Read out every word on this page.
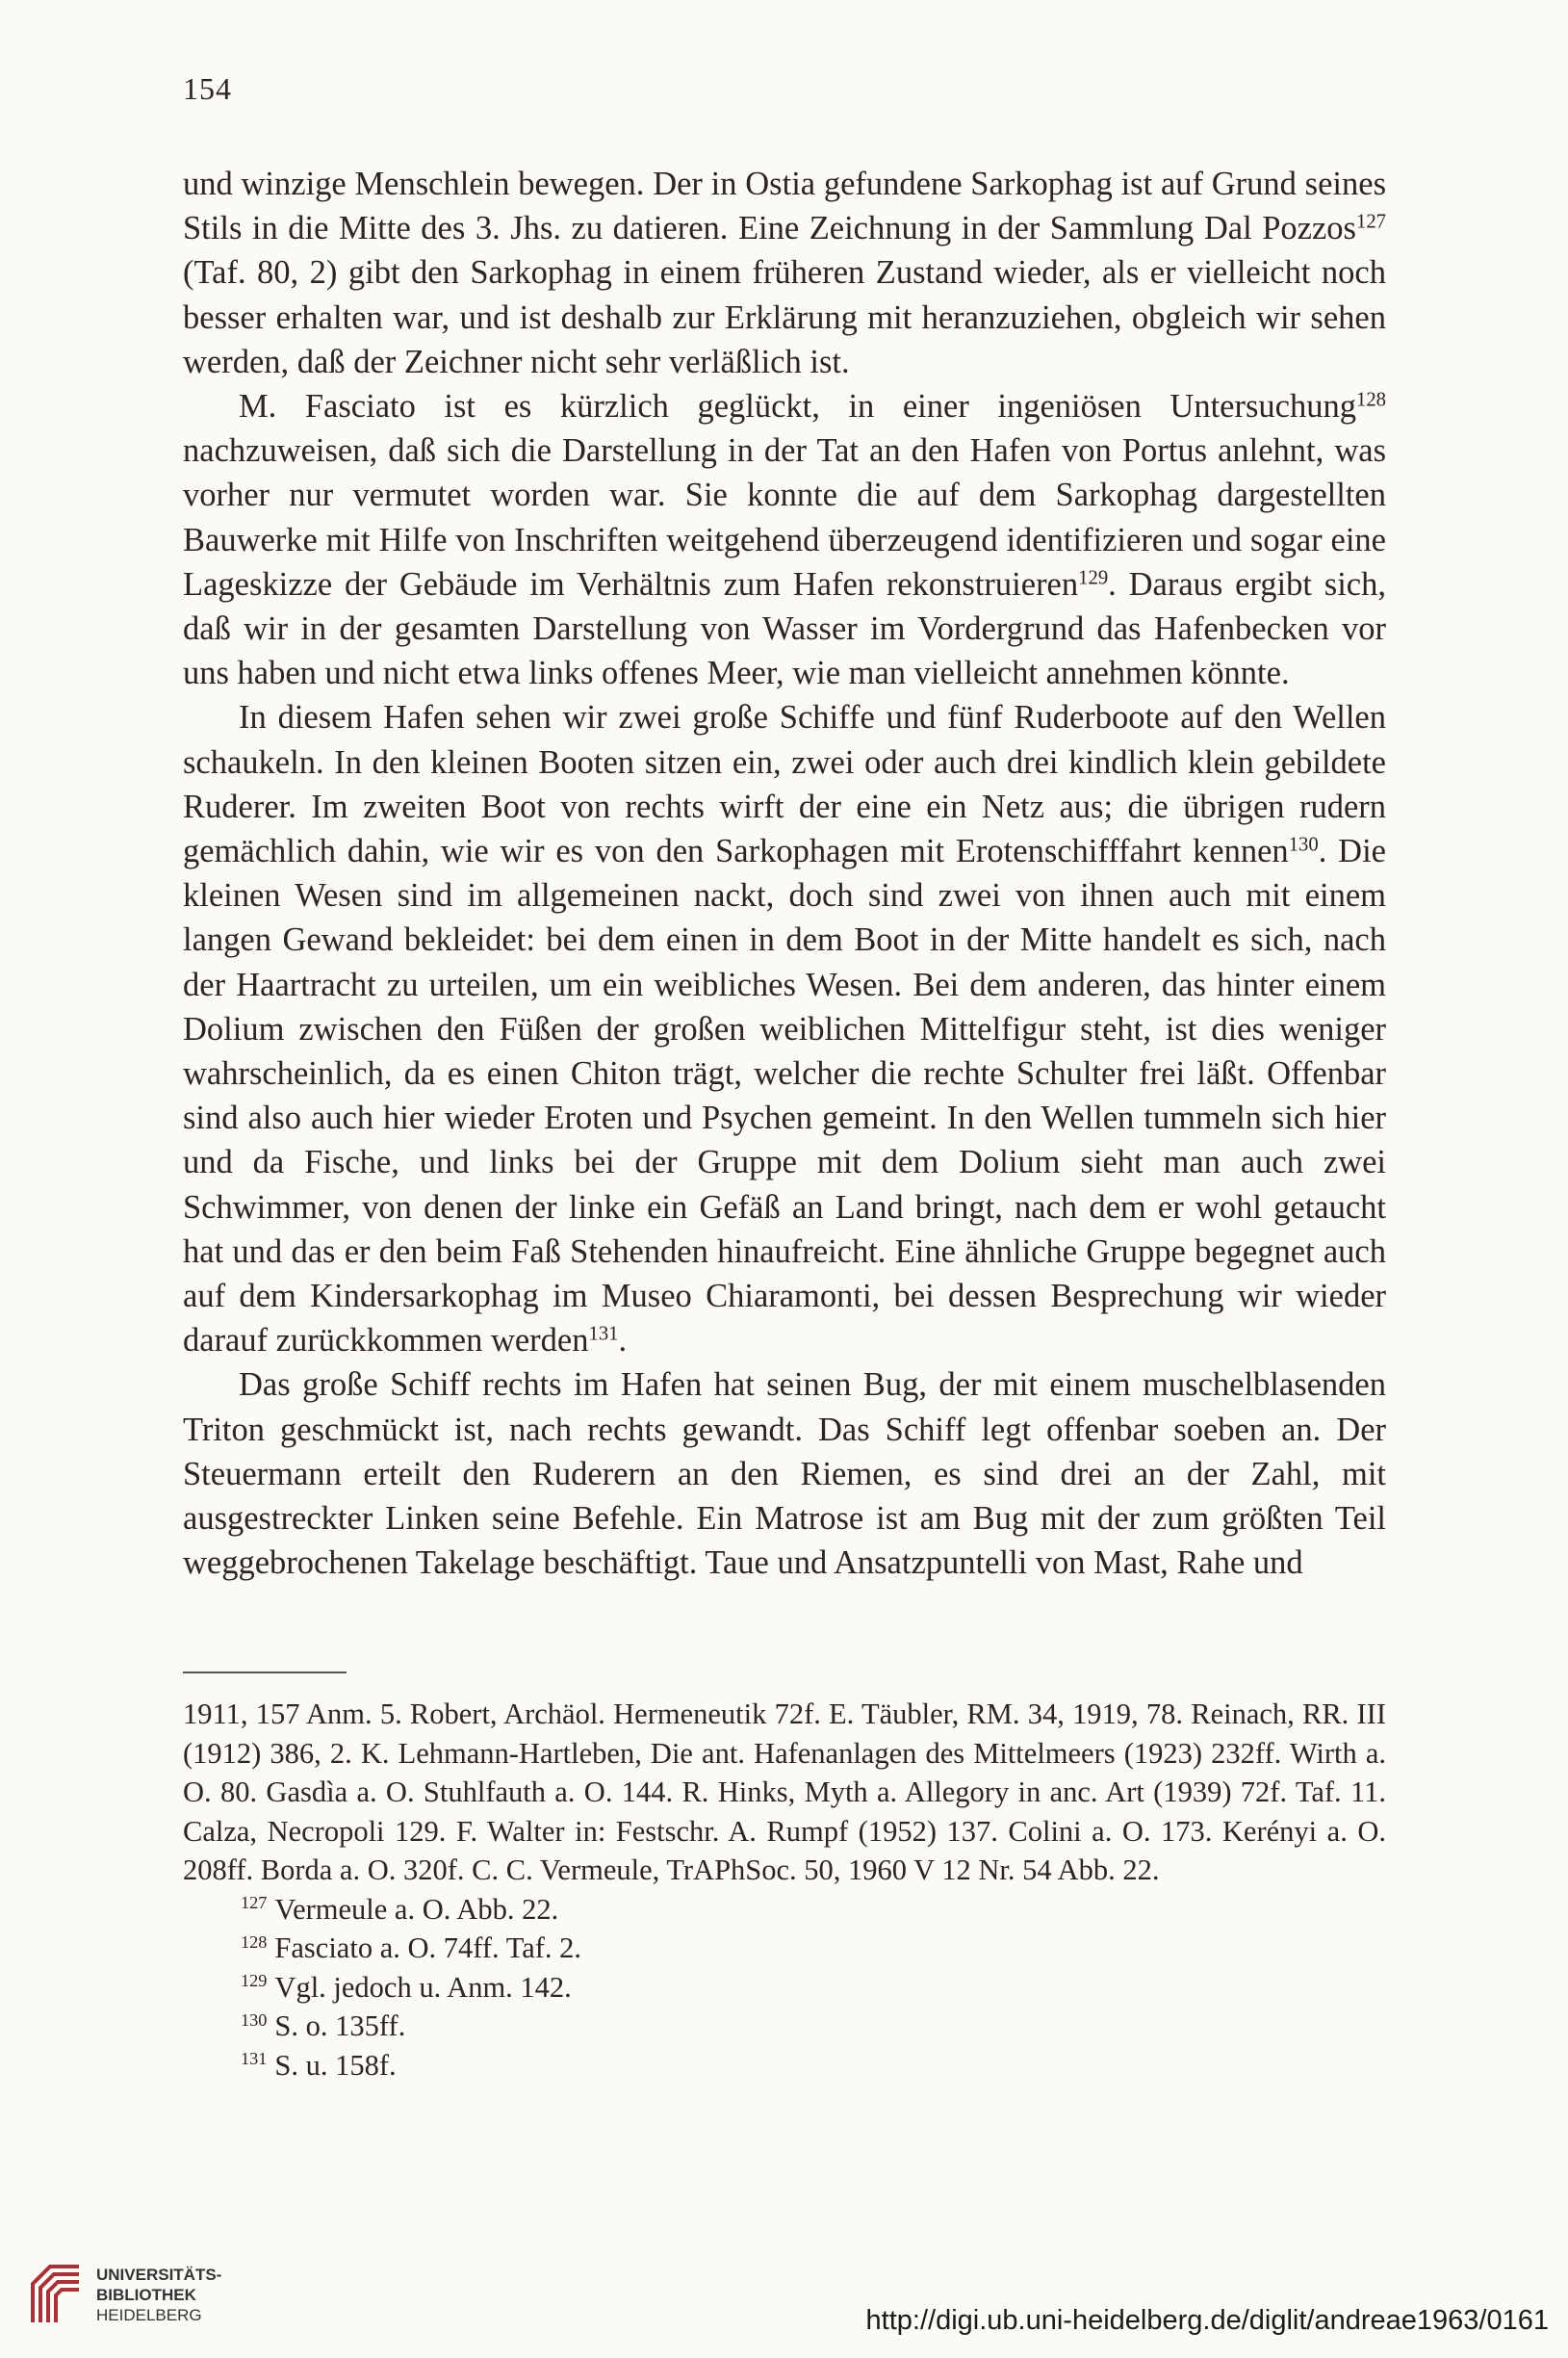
154

und winzige Menschlein bewegen. Der in Ostia gefundene Sarkophag ist auf Grund seines Stils in die Mitte des 3. Jhs. zu datieren. Eine Zeichnung in der Sammlung Dal Pozzos$^{127}$ (Taf. 80, 2) gibt den Sarkophag in einem früheren Zustand wieder, als er vielleicht noch besser erhalten war, und ist deshalb zur Erklärung mit heranzuziehen, obgleich wir sehen werden, daß der Zeichner nicht sehr verläßlich ist.

M. Fasciato ist es kürzlich geglückt, in einer ingeniösen Untersuchung$^{128}$ nachzuweisen, daß sich die Darstellung in der Tat an den Hafen von Portus anlehnt, was vorher nur vermutet worden war. Sie konnte die auf dem Sarkophag dargestellten Bauwerke mit Hilfe von Inschriften weitgehend überzeugend identifizieren und sogar eine Lageskizze der Gebäude im Verhältnis zum Hafen rekonstruieren$^{129}$. Daraus ergibt sich, daß wir in der gesamten Darstellung von Wasser im Vordergrund das Hafenbecken vor uns haben und nicht etwa links offenes Meer, wie man vielleicht annehmen könnte.

In diesem Hafen sehen wir zwei große Schiffe und fünf Ruderboote auf den Wellen schaukeln. In den kleinen Booten sitzen ein, zwei oder auch drei kindlich klein gebildete Ruderer. Im zweiten Boot von rechts wirft der eine ein Netz aus; die übrigen rudern gemächlich dahin, wie wir es von den Sarkophagen mit Erotenschifffahrt kennen$^{130}$. Die kleinen Wesen sind im allgemeinen nackt, doch sind zwei von ihnen auch mit einem langen Gewand bekleidet: bei dem einen in dem Boot in der Mitte handelt es sich, nach der Haartracht zu urteilen, um ein weibliches Wesen. Bei dem anderen, das hinter einem Dolium zwischen den Füßen der großen weiblichen Mittelfigur steht, ist dies weniger wahrscheinlich, da es einen Chiton trägt, welcher die rechte Schulter frei läßt. Offenbar sind also auch hier wieder Eroten und Psychen gemeint. In den Wellen tummeln sich hier und da Fische, und links bei der Gruppe mit dem Dolium sieht man auch zwei Schwimmer, von denen der linke ein Gefäß an Land bringt, nach dem er wohl getaucht hat und das er den beim Faß Stehenden hinaufreicht. Eine ähnliche Gruppe begegnet auch auf dem Kindersarkophag im Museo Chiaramonti, bei dessen Besprechung wir wieder darauf zurückkommen werden$^{131}$.

Das große Schiff rechts im Hafen hat seinen Bug, der mit einem muschelblasenden Triton geschmückt ist, nach rechts gewandt. Das Schiff legt offenbar soeben an. Der Steuermann erteilt den Ruderern an den Riemen, es sind drei an der Zahl, mit ausgestreckter Linken seine Befehle. Ein Matrose ist am Bug mit der zum größten Teil weggebrochenen Takelage beschäftigt. Taue und Ansatzpuntelli von Mast, Rahe und

1911, 157 Anm. 5. Robert, Archäol. Hermeneutik 72f. E. Täubler, RM. 34, 1919, 78. Reinach, RR. III (1912) 386, 2. K. Lehmann-Hartleben, Die ant. Hafenanlagen des Mittelmeers (1923) 232ff. Wirth a. O. 80. Gasdìa a. O. Stuhlfauth a. O. 144. R. Hinks, Myth a. Allegory in anc. Art (1939) 72f. Taf. 11. Calza, Necropoli 129. F. Walter in: Festschr. A. Rumpf (1952) 137. Colini a. O. 173. Kerényi a. O. 208ff. Borda a. O. 320f. C. C. Vermeule, TrAPhSoc. 50, 1960 V 12 Nr. 54 Abb. 22.

$^{127}$ Vermeule a. O. Abb. 22.
$^{128}$ Fasciato a. O. 74ff. Taf. 2.
$^{129}$ Vgl. jedoch u. Anm. 142.
$^{130}$ S. o. 135ff.
$^{131}$ S. u. 158f.
UNIVERSITÄTS-
BIBLIOTHEK
HEIDELBERG	http://digi.ub.uni-heidelberg.de/diglit/andreae1963/0161
